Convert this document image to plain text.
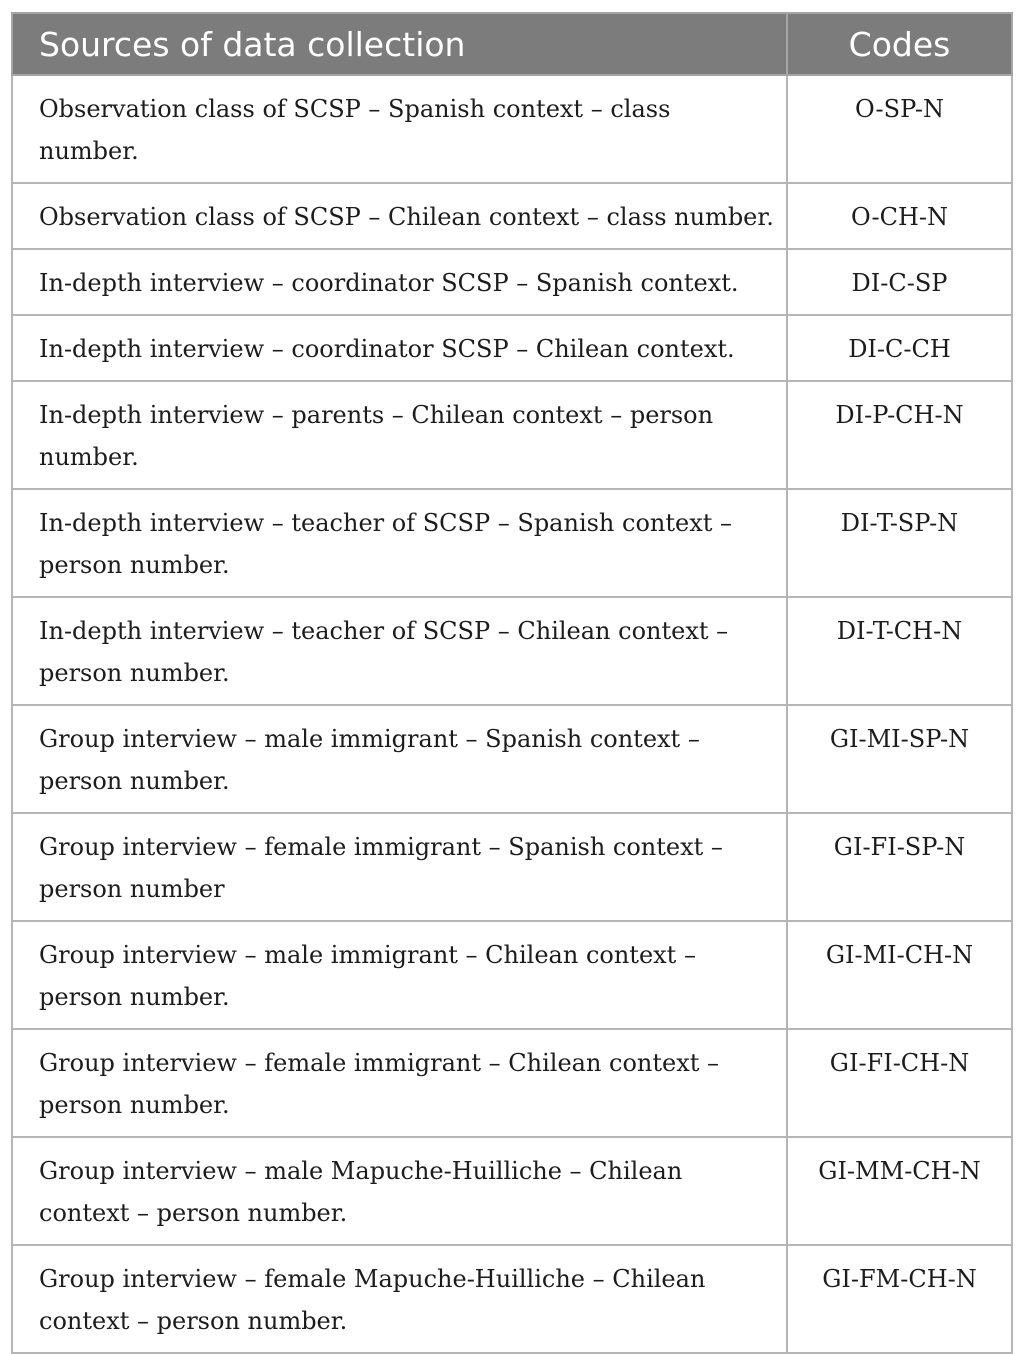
Sources of data collection	Codes
Observation class of SCSP – Spanish context – class number.	O-SP-N
Observation class of SCSP – Chilean context – class number.	O-CH-N
In-depth interview – coordinator SCSP – Spanish context.	DI-C-SP
In-depth interview – coordinator SCSP – Chilean context.	DI-C-CH
In-depth interview – parents – Chilean context – person number.	DI-P-CH-N
In-depth interview – teacher of SCSP – Spanish context – person number.	DI-T-SP-N
In-depth interview – teacher of SCSP – Chilean context – person number.	DI-T-CH-N
Group interview – male immigrant – Spanish context – person number.	GI-MI-SP-N
Group interview – female immigrant – Spanish context – person number	GI-FI-SP-N
Group interview – male immigrant – Chilean context – person number.	GI-MI-CH-N
Group interview – female immigrant – Chilean context – person number.	GI-FI-CH-N
Group interview – male Mapuche-Huilliche – Chilean context – person number.	GI-MM-CH-N
Group interview – female Mapuche-Huilliche – Chilean context – person number.	GI-FM-CH-N
